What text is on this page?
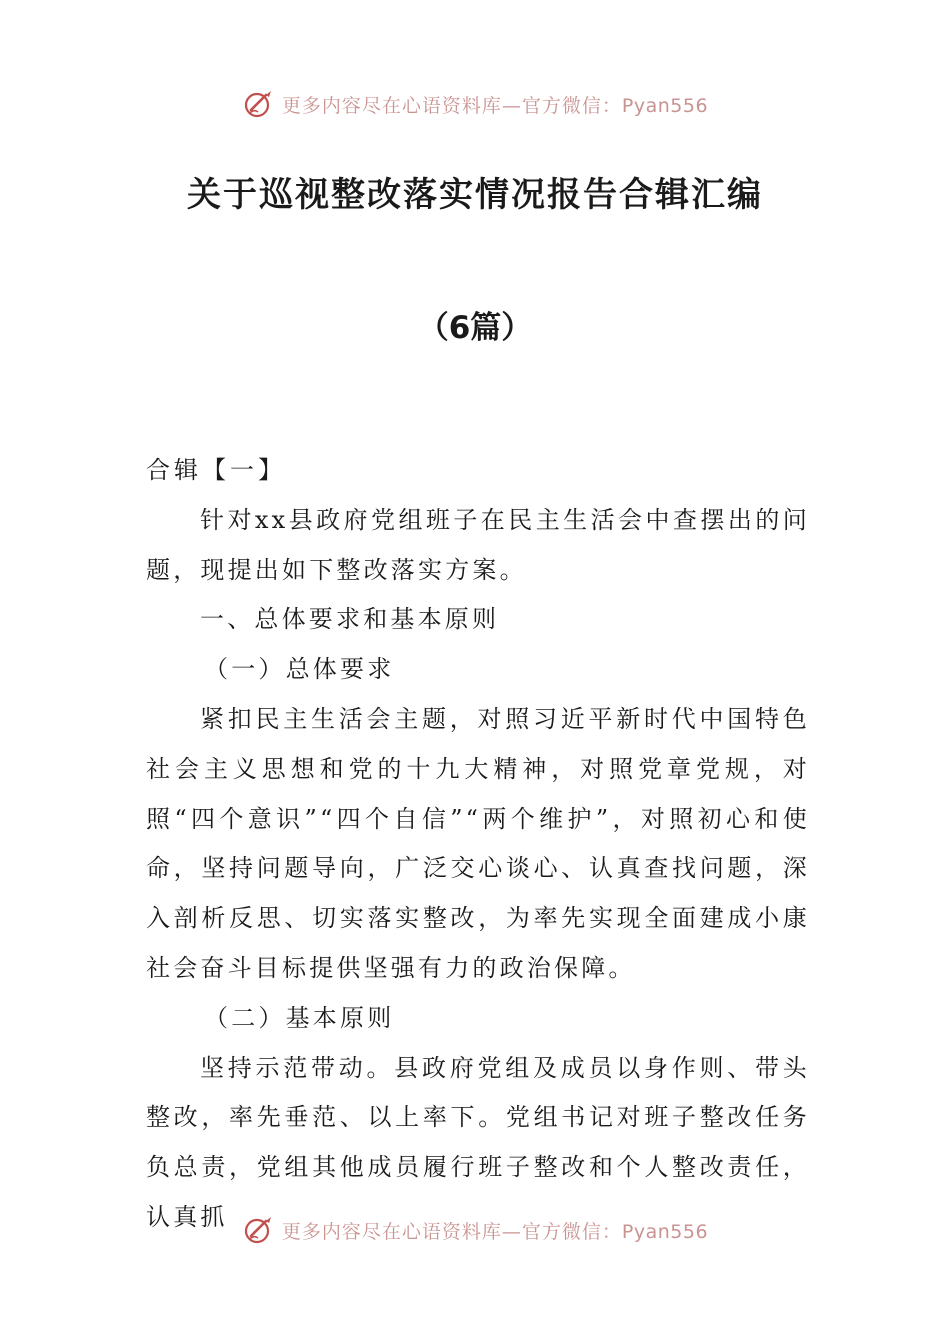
更多内容尽在心语资料库—官方微信：Pyan556
关于巡视整改落实情况报告合辑汇编
（6篇）

合辑【一】

针对xx县政府党组班子在民主生活会中查摆出的问题，现提出如下整改落实方案。

一、总体要求和基本原则

（一）总体要求

紧扣民主生活会主题，对照习近平新时代中国特色社会主义思想和党的十九大精神，对照党章党规，对照“四个意识”“四个自信”“两个维护”，对照初心和使命，坚持问题导向，广泛交心谈心、认真查找问题，深入剖析反思、切实落实整改，为率先实现全面建成小康社会奋斗目标提供坚强有力的政治保障。

（二）基本原则

坚持示范带动。县政府党组及成员以身作则、带头整改，率先垂范、以上率下。党组书记对班子整改任务负总责，党组其他成员履行班子整改和个人整改责任，认真抓

更多内容尽在心语资料库—官方微信：Pyan556
